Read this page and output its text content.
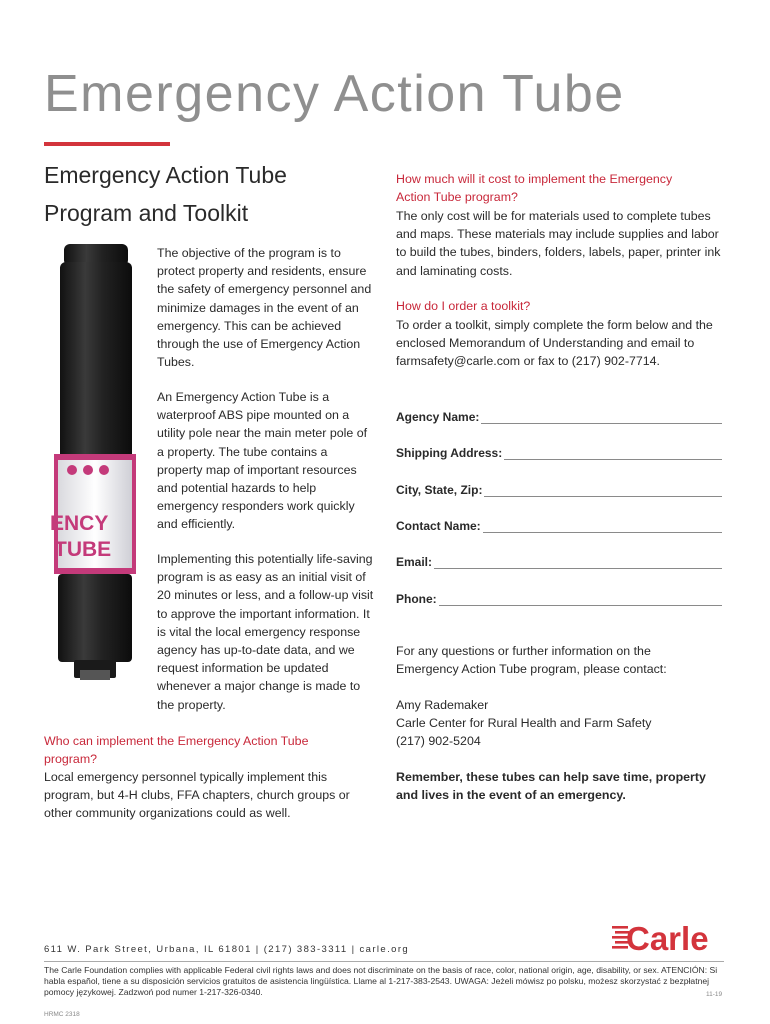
Emergency Action Tube
Emergency Action Tube Program and Toolkit
ENCY
TUBE
The objective of the program is to protect property and residents, ensure the safety of emergency personnel and minimize damages in the event of an emergency. This can be achieved through the use of Emergency Action Tubes.
An Emergency Action Tube is a waterproof ABS pipe mounted on a utility pole near the main meter pole of a property. The tube contains a property map of important resources and potential hazards to help emergency responders work quickly and efficiently.
Implementing this potentially life-saving program is as easy as an initial visit of 20 minutes or less, and a follow-up visit to approve the important information. It is vital the local emergency response agency has up-to-date data, and we request information be updated whenever a major change is made to the property.
Who can implement the Emergency Action Tube program?
Local emergency personnel typically implement this program, but 4-H clubs, FFA chapters, church groups or other community organizations could as well.
How much will it cost to implement the Emergency Action Tube program?
The only cost will be for materials used to complete tubes and maps. These materials may include supplies and labor to build the tubes, binders, folders, labels, paper, printer ink and laminating costs.
How do I order a toolkit?
To order a toolkit, simply complete the form below and the enclosed Memorandum of Understanding and email to farmsafety@carle.com or fax to (217) 902-7714.
Agency Name:
Shipping Address:
City, State, Zip:
Contact Name:
Email:
Phone:
For any questions or further information on the Emergency Action Tube program, please contact:
Amy Rademaker
Carle Center for Rural Health and Farm Safety
(217) 902-5204
Remember, these tubes can help save time, property and lives in the event of an emergency.
Carle
611 W. Park Street, Urbana, IL 61801 | (217) 383-3311 | carle.org
The Carle Foundation complies with applicable Federal civil rights laws and does not discriminate on the basis of race, color, national origin, age, disability, or sex. ATENCIÓN: Si habla español, tiene a su disposición servicios gratuitos de asistencia lingüística. Llame al 1-217-383-2543. UWAGA: Jeżeli mówisz po polsku, możesz skorzystać z bezpłatnej pomocy językowej. Zadzwoń pod numer 1-217-326-0340.	11-19
HRMC 2318
